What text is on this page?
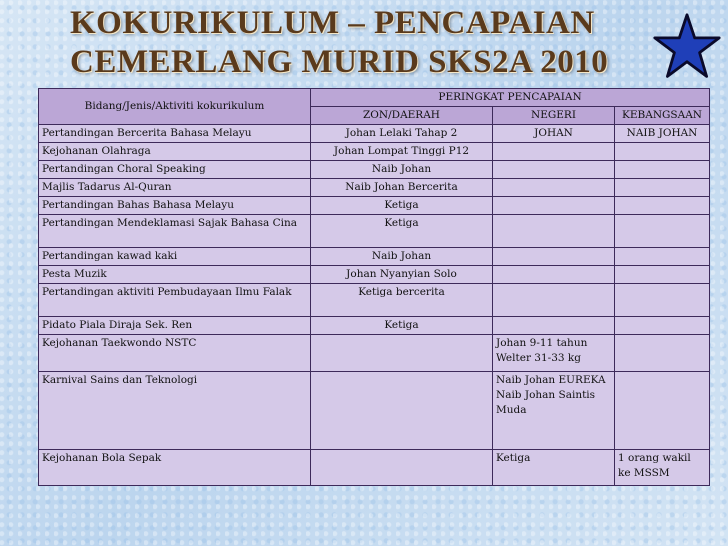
KOKURIKULUM – PENCAPAIAN
CEMERLANG MURID SKS2A 2010
Bidang/Jenis/Aktiviti kokurikulum	PERINGKAT PENCAPAIAN		
	ZON/DAERAH	NEGERI	KEBANGSAAN
Pertandingan Bercerita Bahasa Melayu	Johan Lelaki Tahap 2	JOHAN	NAIB JOHAN
Kejohanan Olahraga	Johan Lompat Tinggi P12		
Pertandingan Choral Speaking	Naib Johan		
Majlis Tadarus Al-Quran	Naib Johan Bercerita		
Pertandingan Bahas Bahasa Melayu	Ketiga		
Pertandingan Mendeklamasi Sajak Bahasa Cina	Ketiga		
Pertandingan kawad kaki	Naib Johan		
Pesta Muzik	Johan Nyanyian Solo		
Pertandingan aktiviti Pembudayaan Ilmu Falak	Ketiga bercerita		
Pidato Piala Diraja Sek. Ren	Ketiga		
Kejohanan Taekwondo NSTC		Johan 9-11 tahun Welter 31-33 kg	
Karnival Sains dan Teknologi		Naib Johan EUREKA Naib Johan Saintis Muda	
Kejohanan Bola Sepak		Ketiga	1 orang wakil ke MSSM
